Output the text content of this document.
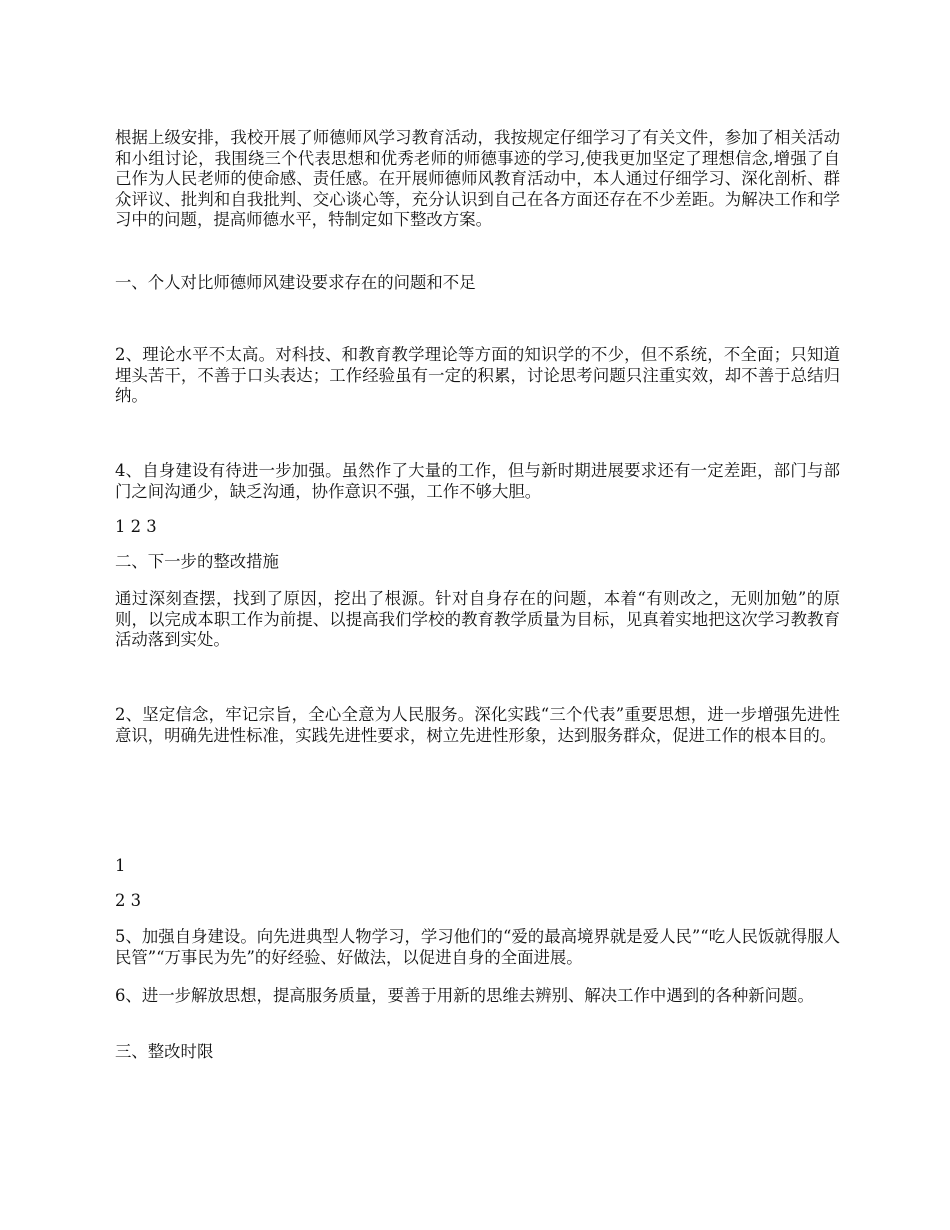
根据上级安排，我校开展了师德师风学习教育活动，我按规定仔细学习了有关文件，参加了相关活动和小组讨论，我围绕三个代表思想和优秀老师的师德事迹的学习,使我更加坚定了理想信念,增强了自己作为人民老师的使命感、责任感。在开展师德师风教育活动中，本人通过仔细学习、深化剖析、群众评议、批判和自我批判、交心谈心等，充分认识到自己在各方面还存在不少差距。为解决工作和学习中的问题，提高师德水平，特制定如下整改方案。

一、个人对比师德师风建设要求存在的问题和不足

2、理论水平不太高。对科技、和教育教学理论等方面的知识学的不少，但不系统，不全面；只知道埋头苦干，不善于口头表达；工作经验虽有一定的积累，讨论思考问题只注重实效，却不善于总结归纳。

4、自身建设有待进一步加强。虽然作了大量的工作，但与新时期进展要求还有一定差距，部门与部门之间沟通少，缺乏沟通，协作意识不强，工作不够大胆。

1 2 3

二、下一步的整改措施

通过深刻查摆，找到了原因，挖出了根源。针对自身存在的问题，本着“有则改之，无则加勉”的原则，以完成本职工作为前提、以提高我们学校的教育教学质量为目标，见真着实地把这次学习教教育活动落到实处。

2、坚定信念，牢记宗旨，全心全意为人民服务。深化实践“三个代表”重要思想，进一步增强先进性意识，明确先进性标准，实践先进性要求，树立先进性形象，达到服务群众，促进工作的根本目的。

1

2 3

5、加强自身建设。向先进典型人物学习，学习他们的“爱的最高境界就是爱人民”“吃人民饭就得服人民管”“万事民为先”的好经验、好做法，以促进自身的全面进展。

6、进一步解放思想，提高服务质量，要善于用新的思维去辨别、解决工作中遇到的各种新问题。

三、整改时限
